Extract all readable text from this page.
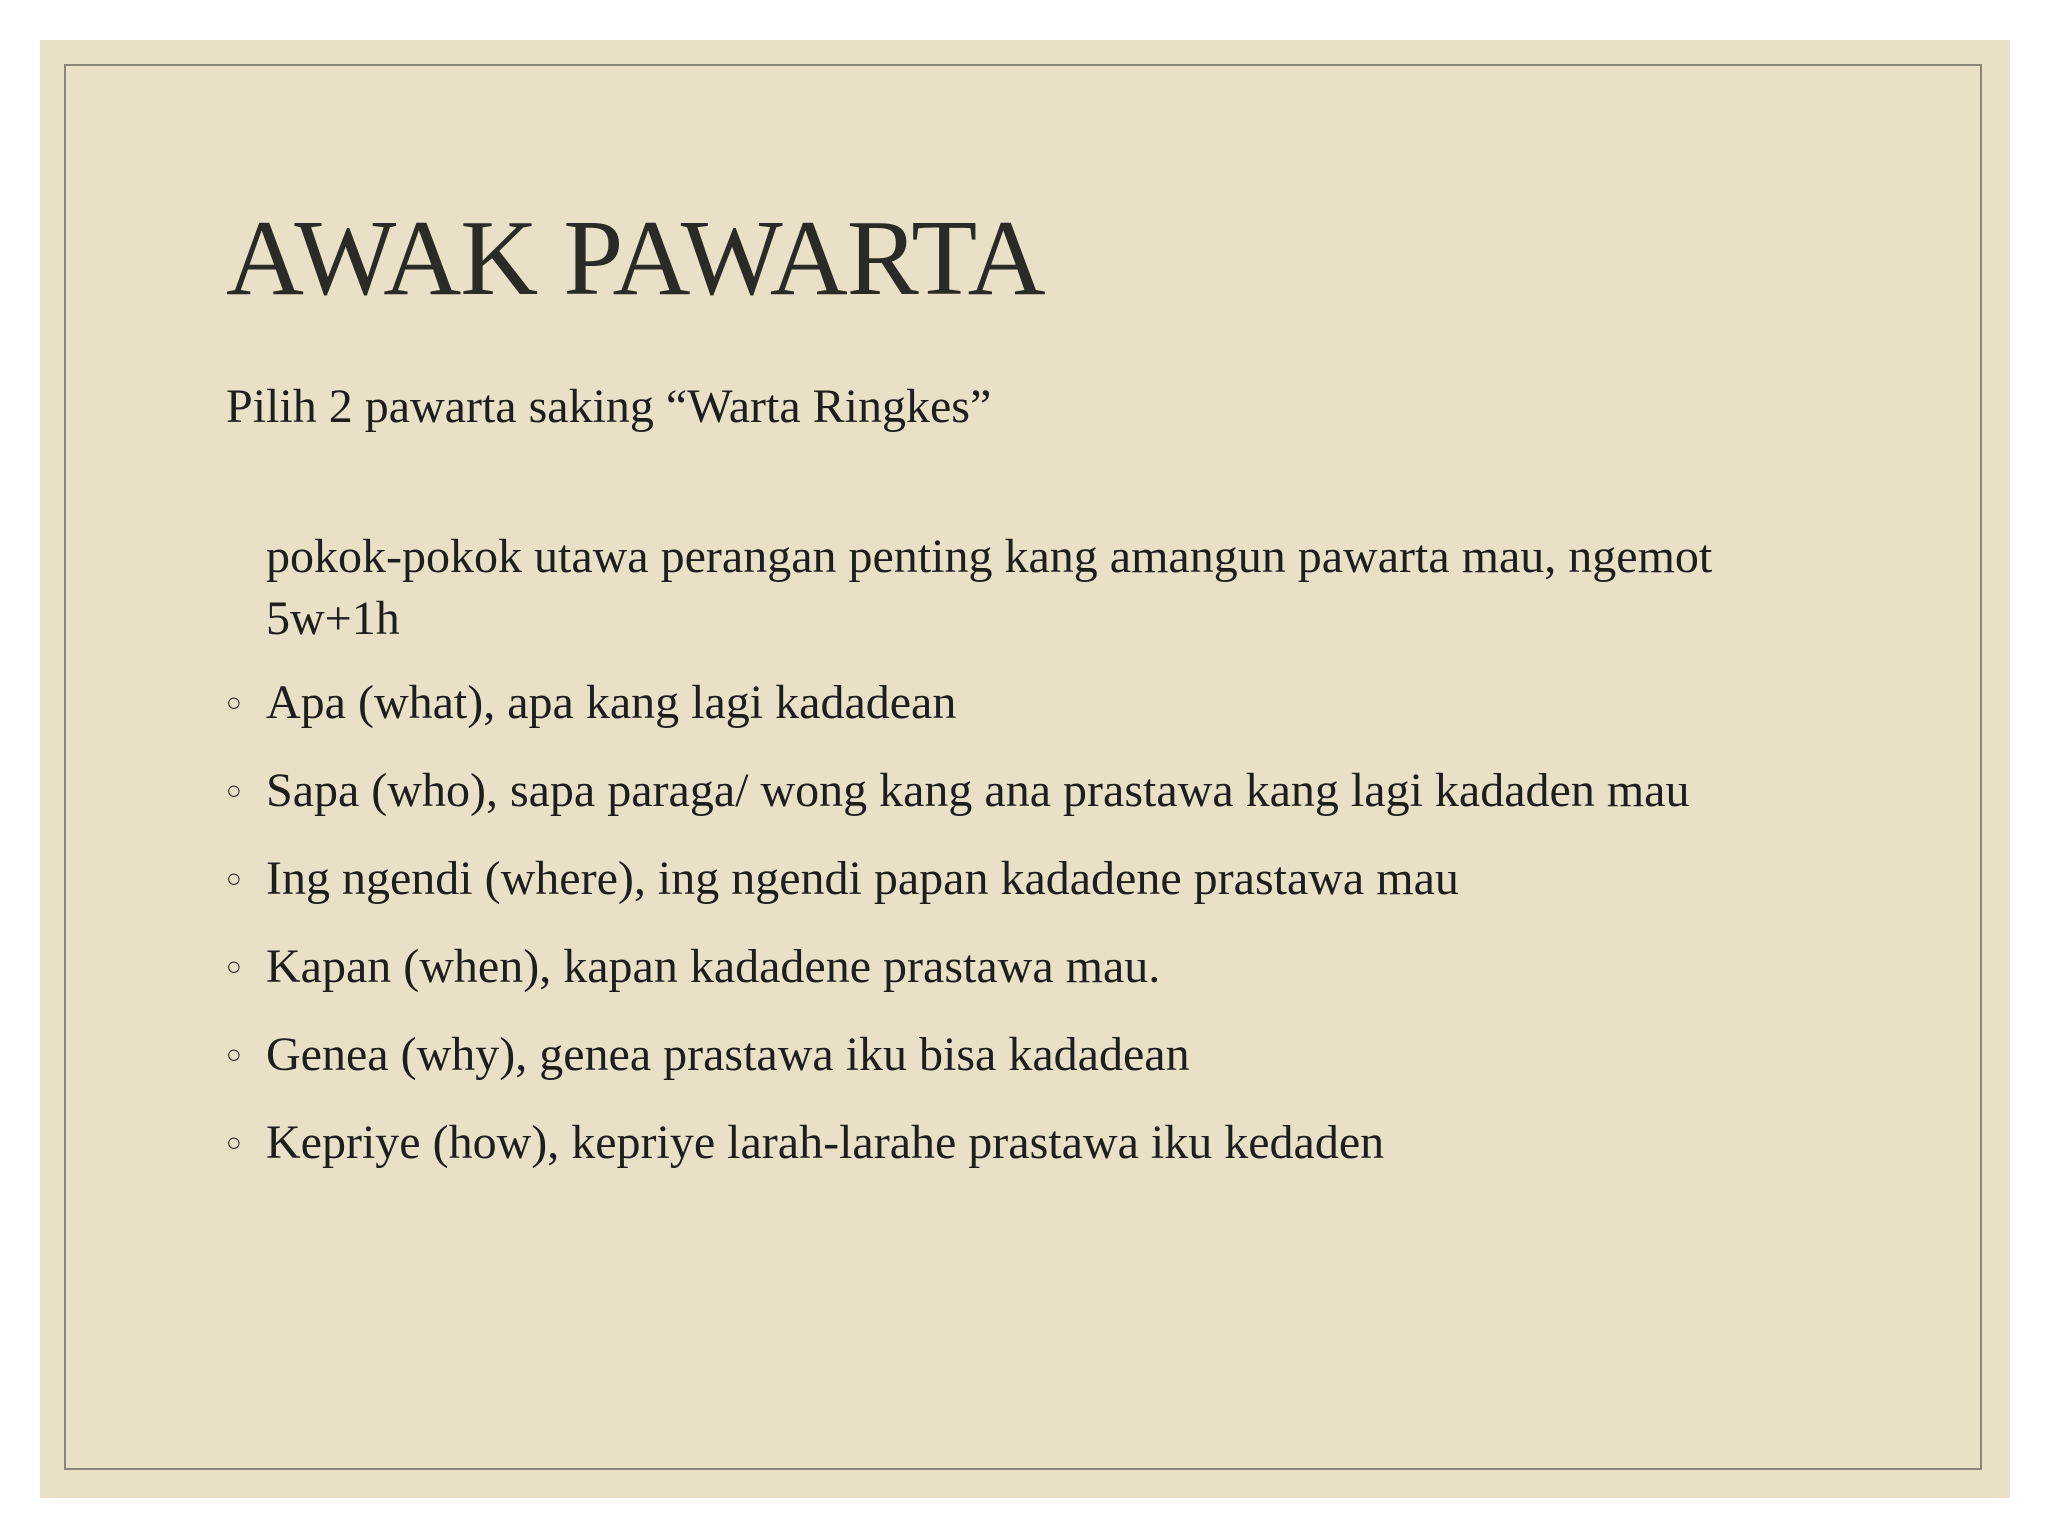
AWAK PAWARTA

Pilih 2 pawarta saking “Warta Ringkes”

pokok-pokok utawa perangan penting kang amangun pawarta mau, ngemot 5w+1h

○ Apa (what), apa kang lagi kadadean
○ Sapa (who), sapa paraga/ wong kang ana prastawa kang lagi kadaden mau
○ Ing ngendi (where), ing ngendi papan kadadene prastawa mau
○ Kapan (when), kapan kadadene prastawa mau.
○ Genea (why), genea prastawa iku bisa kadadean
○ Kepriye (how), kepriye larah-larahe prastawa iku kedaden
